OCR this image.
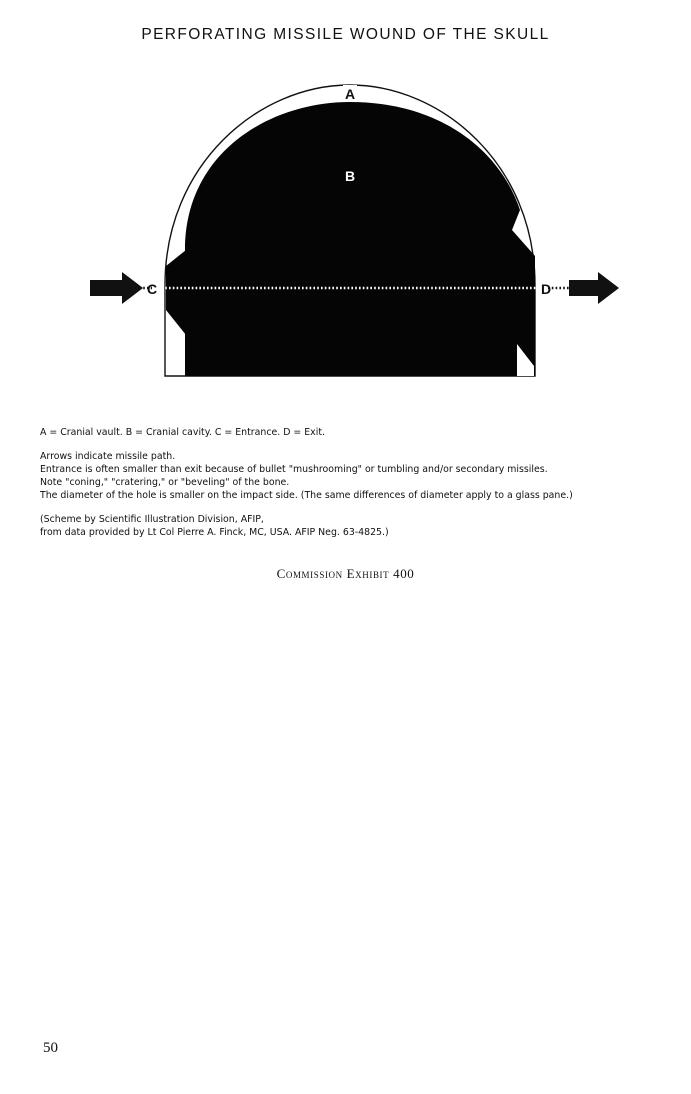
PERFORATING MISSILE WOUND OF THE SKULL
A
B
C	D

A = Cranial vault. B = Cranial cavity. C = Entrance. D = Exit.

Arrows indicate missile path.

Entrance is often smaller than exit because of bullet "mushrooming" or tumbling and/or secondary missiles.

Note "coning," "cratering," or "beveling" of the bone.

The diameter of the hole is smaller on the impact side. (The same differences of diameter apply to a glass pane.)

(Scheme by Scientific Illustration Division, AFIP,

from data provided by Lt Col Pierre A. Finck, MC, USA. AFIP Neg. 63-4825.)

Commission Exhibit 400
50
